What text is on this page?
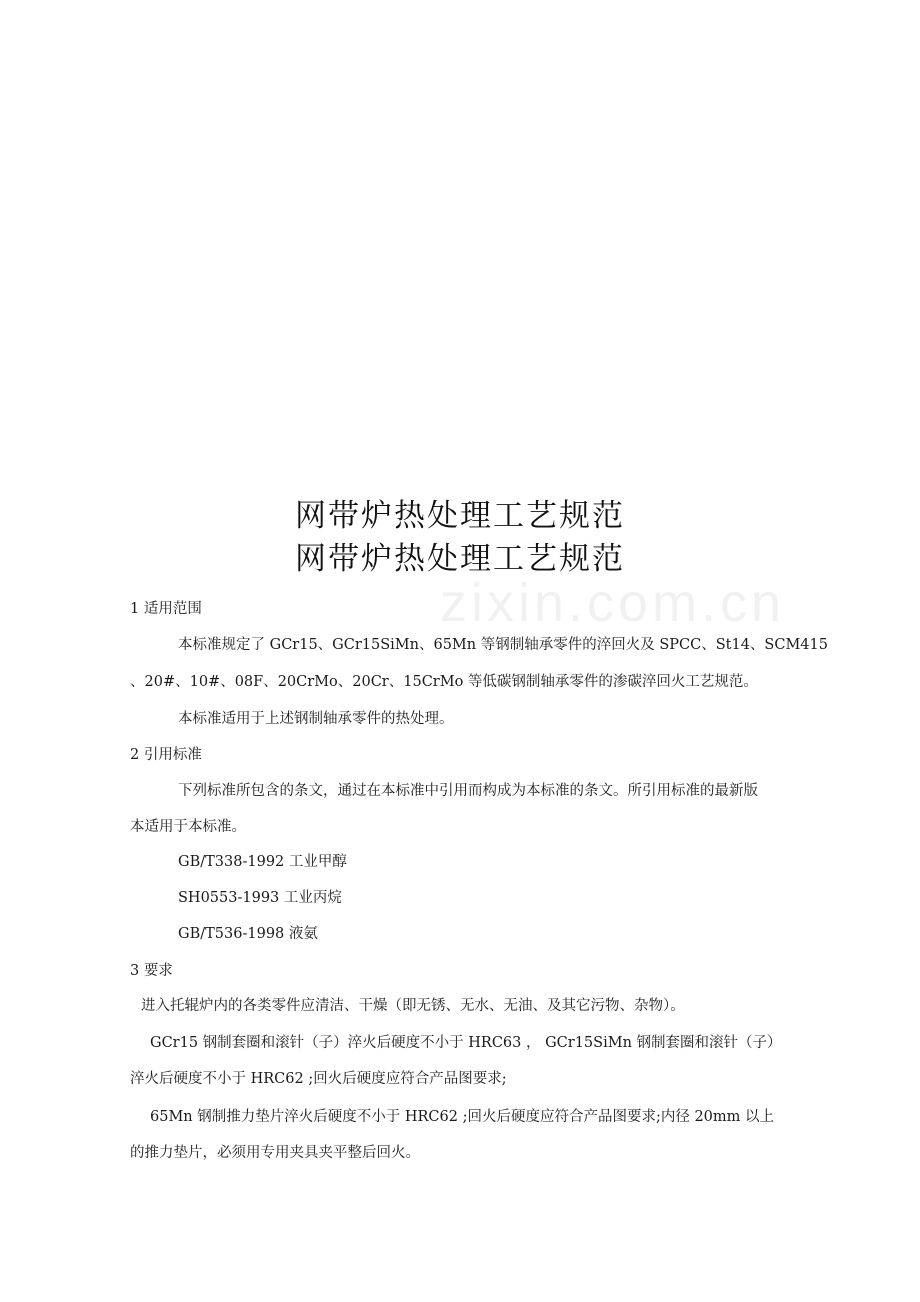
zixin.com.cn
网带炉热处理工艺规范
网带炉热处理工艺规范
1 适用范围
本标准规定了 GCr15、GCr15SiMn、65Mn 等钢制轴承零件的淬回火及 SPCC、St14、SCM415
、20#、10#、08F、20CrMo、20Cr、15CrMo 等低碳钢制轴承零件的渗碳淬回火工艺规范。
本标准适用于上述钢制轴承零件的热处理。
2 引用标准
下列标准所包含的条文，通过在本标准中引用而构成为本标准的条文。所引用标准的最新版
本适用于本标准。
GB/T338-1992 工业甲醇
SH0553-1993 工业丙烷
GB/T536-1998 液氨
3 要求
进入托辊炉内的各类零件应清洁、干燥（即无锈、无水、无油、及其它污物、杂物）。
GCr15 钢制套圈和滚针（子）淬火后硬度不小于 HRC63 ， GCr15SiMn 钢制套圈和滚针（子）
淬火后硬度不小于 HRC62 ;回火后硬度应符合产品图要求;
65Mn 钢制推力垫片淬火后硬度不小于 HRC62 ;回火后硬度应符合产品图要求;内径 20mm 以上
的推力垫片，必须用专用夹具夹平整后回火。
